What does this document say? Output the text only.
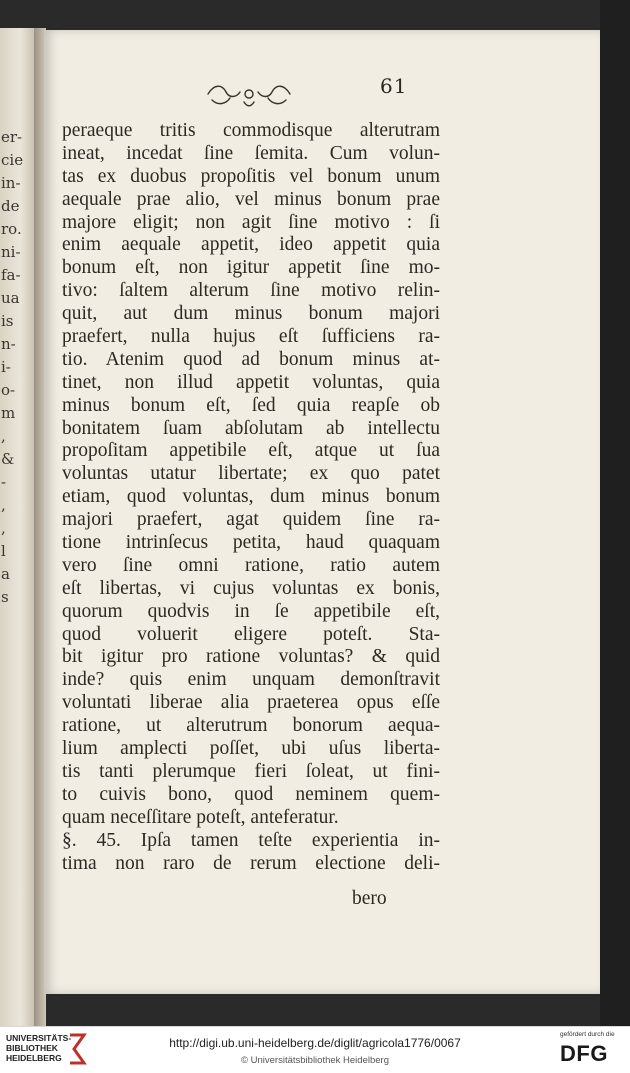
er-
cie
in-
de
ro.
ni-
fa-
ua
is
n-
i-
o-
m
,
&
-
,
,
l
a
s
61
peraeque tritis commodisque alterutram
ineat, incedat ſine ſemita. Cum volun-
tas ex duobus propoſitis vel bonum unum
aequale prae alio, vel minus bonum prae
majore eligit; non agit ſine motivo : ſi
enim aequale appetit, ideo appetit quia
bonum eſt, non igitur appetit ſine mo-
tivo: ſaltem alterum ſine motivo relin-
quit, aut dum minus bonum majori
praefert, nulla hujus eſt ſufficiens ra-
tio. Atenim quod ad bonum minus at-
tinet, non illud appetit voluntas, quia
minus bonum eſt, ſed quia reapſe ob
bonitatem ſuam abſolutam ab intellectu
propoſitam appetibile eſt, atque ut ſua
voluntas utatur libertate; ex quo patet
etiam, quod voluntas, dum minus bonum
majori praefert, agat quidem ſine ra-
tione intrinſecus petita, haud quaquam
vero ſine omni ratione, ratio autem
eſt libertas, vi cujus voluntas ex bonis,
quorum quodvis in ſe appetibile eſt,
quod voluerit eligere poteſt. Sta-
bit igitur pro ratione voluntas? & quid
inde? quis enim unquam demonſtravit
voluntati liberae alia praeterea opus eſſe
ratione, ut alterutrum bonorum aequa-
lium amplecti poſſet, ubi uſus liberta-
tis tanti plerumque fieri ſoleat, ut fini-
to cuivis bono, quod neminem quem-
quam neceſſitare poteſt, anteferatur.
§. 45. Ipſa tamen teſte experientia in-
tima non raro de rerum electione deli-
bero
UNIVERSITÄTS-
BIBLIOTHEK
HEIDELBERG
http://digi.ub.uni-heidelberg.de/diglit/agricola1776/0067
© Universitätsbibliothek Heidelberg
gefördert durch die
DFG
